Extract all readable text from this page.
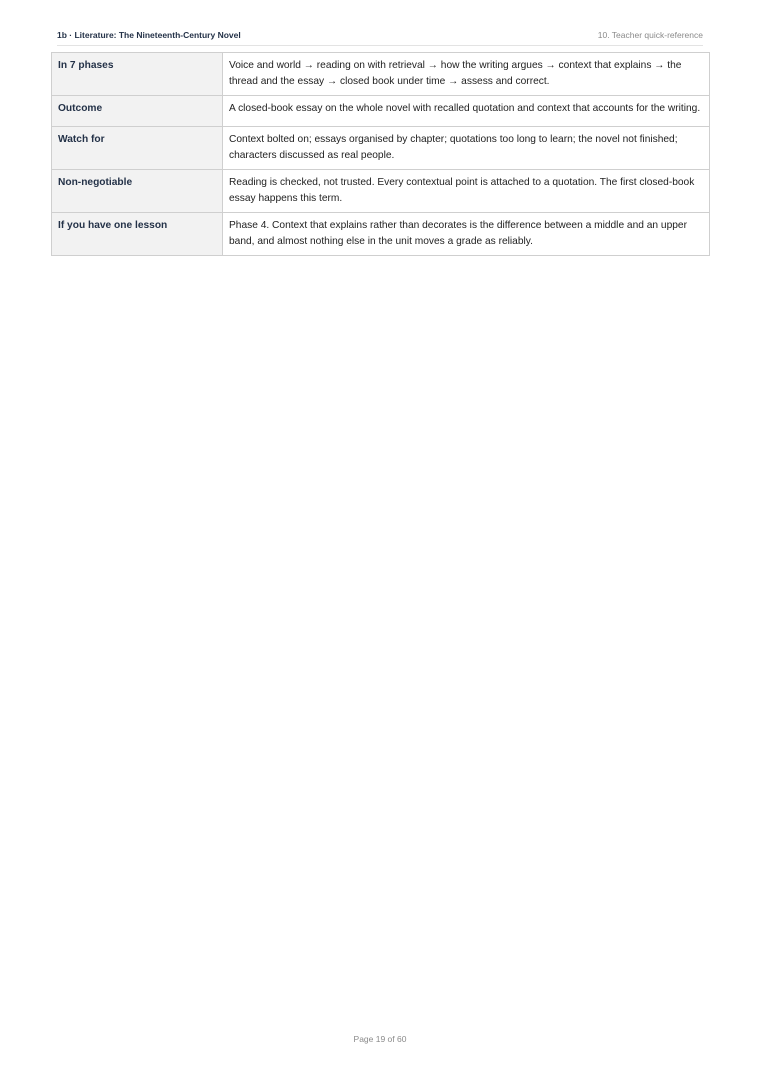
1b · Literature: The Nineteenth-Century Novel	10. Teacher quick-reference
In 7 phases	Voice and world → reading on with retrieval → how the writing argues → context that explains → the thread and the essay → closed book under time → assess and correct.
Outcome	A closed-book essay on the whole novel with recalled quotation and context that accounts for the writing.
Watch for	Context bolted on; essays organised by chapter; quotations too long to learn; the novel not finished; characters discussed as real people.
Non-negotiable	Reading is checked, not trusted. Every contextual point is attached to a quotation. The first closed-book essay happens this term.
If you have one lesson	Phase 4. Context that explains rather than decorates is the difference between a middle and an upper band, and almost nothing else in the unit moves a grade as reliably.
Page 19 of 60
